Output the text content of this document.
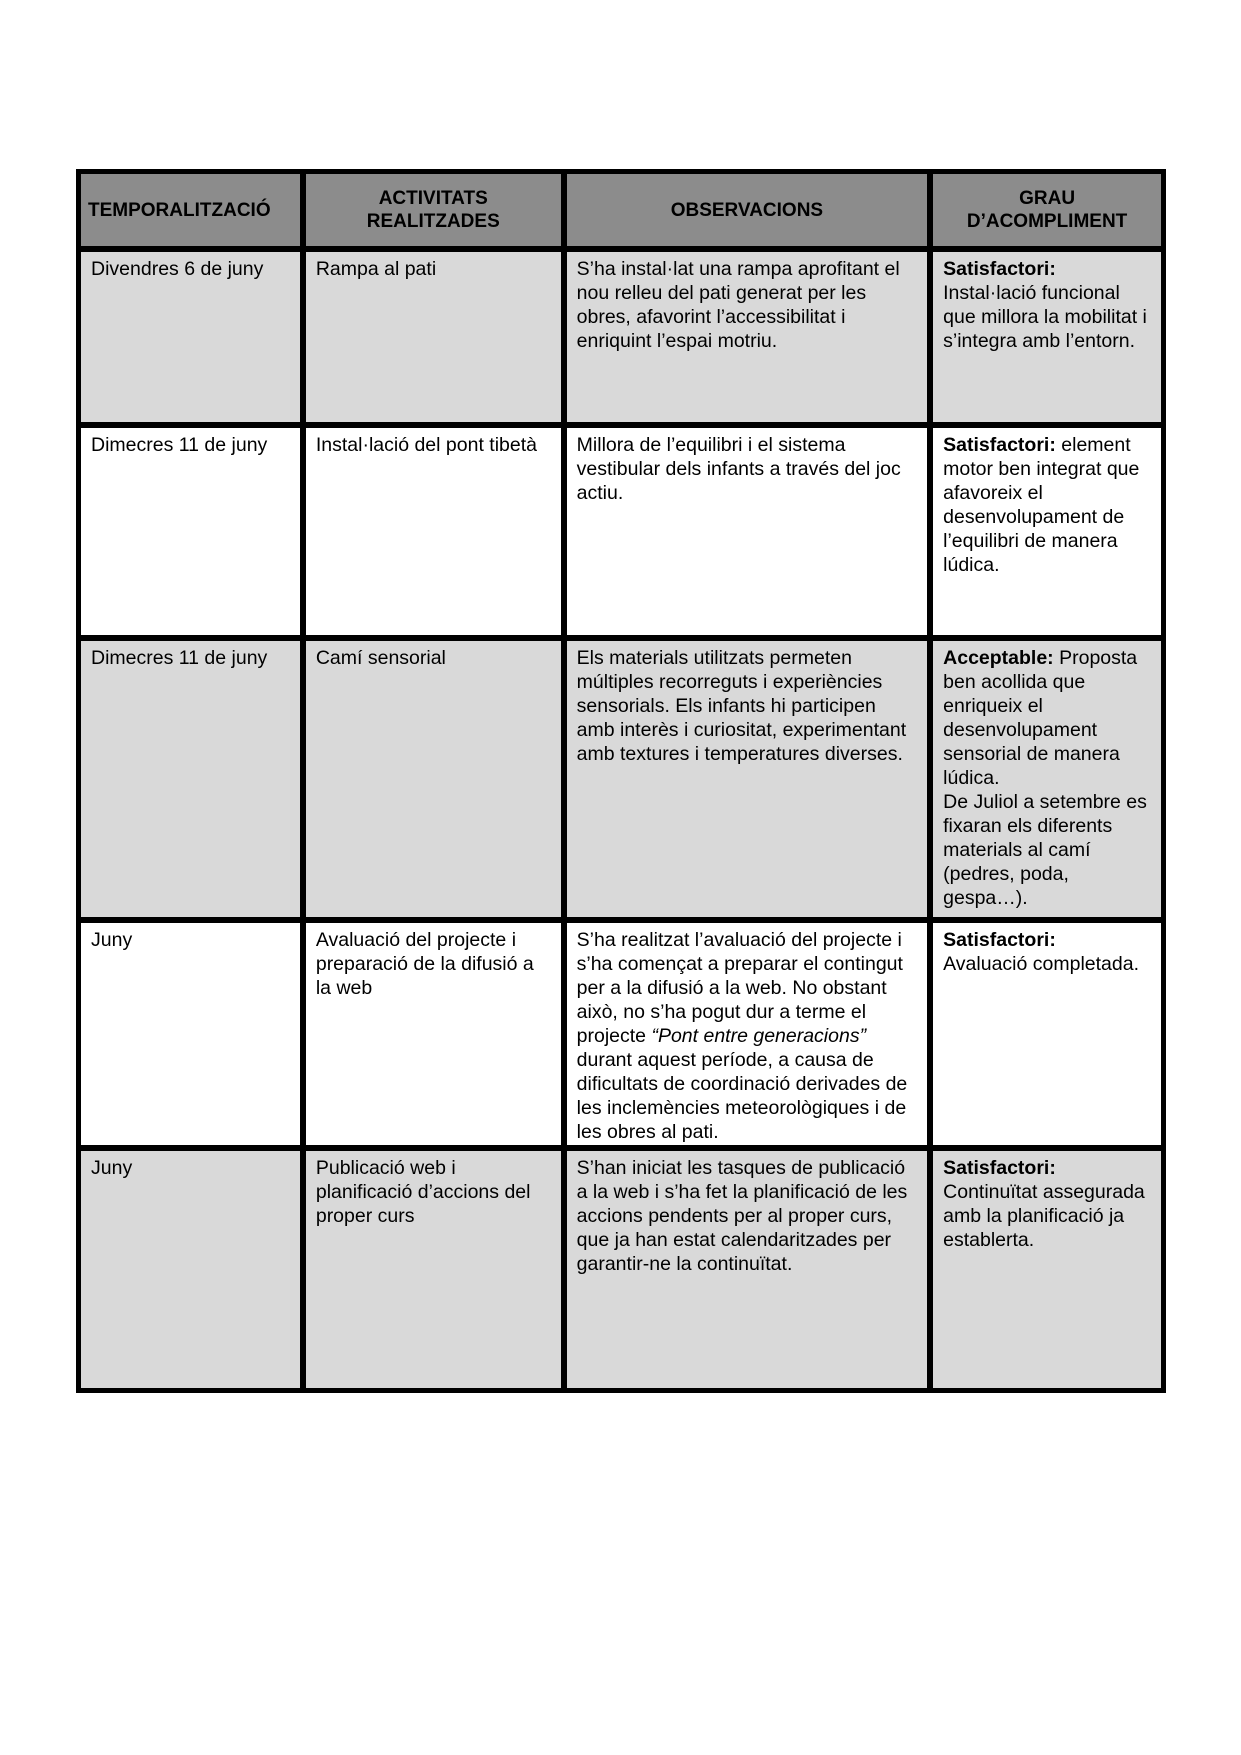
TEMPORALITZACIÓ	ACTIVITATS REALITZADES	OBSERVACIONS	GRAU D’ACOMPLIMENT
Divendres 6 de juny	Rampa al pati	S’ha instal·lat una rampa aprofitant el nou relleu del pati generat per les obres, afavorint l’accessibilitat i enriquint l’espai motriu.	Satisfactori:
Instal·lació funcional que millora la mobilitat i s’integra amb l’entorn.
Dimecres 11 de juny	Instal·lació del pont tibetà	Millora de l’equilibri i el sistema vestibular dels infants a través del joc actiu.	Satisfactori: element motor ben integrat que afavoreix el desenvolupament de l’equilibri de manera lúdica.
Dimecres 11 de juny	Camí sensorial	Els materials utilitzats permeten múltiples recorreguts i experiències sensorials. Els infants hi participen amb interès i curiositat, experimentant amb textures i temperatures diverses.	Acceptable: Proposta ben acollida que enriqueix el desenvolupament sensorial de manera lúdica.
De Juliol a setembre es fixaran els diferents materials al camí (pedres, poda, gespa…).
Juny	Avaluació del projecte i preparació de la difusió a la web	S’ha realitzat l’avaluació del projecte i s’ha començat a preparar el contingut per a la difusió a la web. No obstant això, no s’ha pogut dur a terme el projecte “Pont entre generacions” durant aquest període, a causa de dificultats de coordinació derivades de les inclemències meteorològiques i de les obres al pati.	Satisfactori:
Avaluació completada.
Juny	Publicació web i planificació d’accions del proper curs	S’han iniciat les tasques de publicació a la web i s’ha fet la planificació de les accions pendents per al proper curs, que ja han estat calendaritzades per garantir-ne la continuïtat.	Satisfactori:
Continuïtat assegurada amb la planificació ja establerta.
